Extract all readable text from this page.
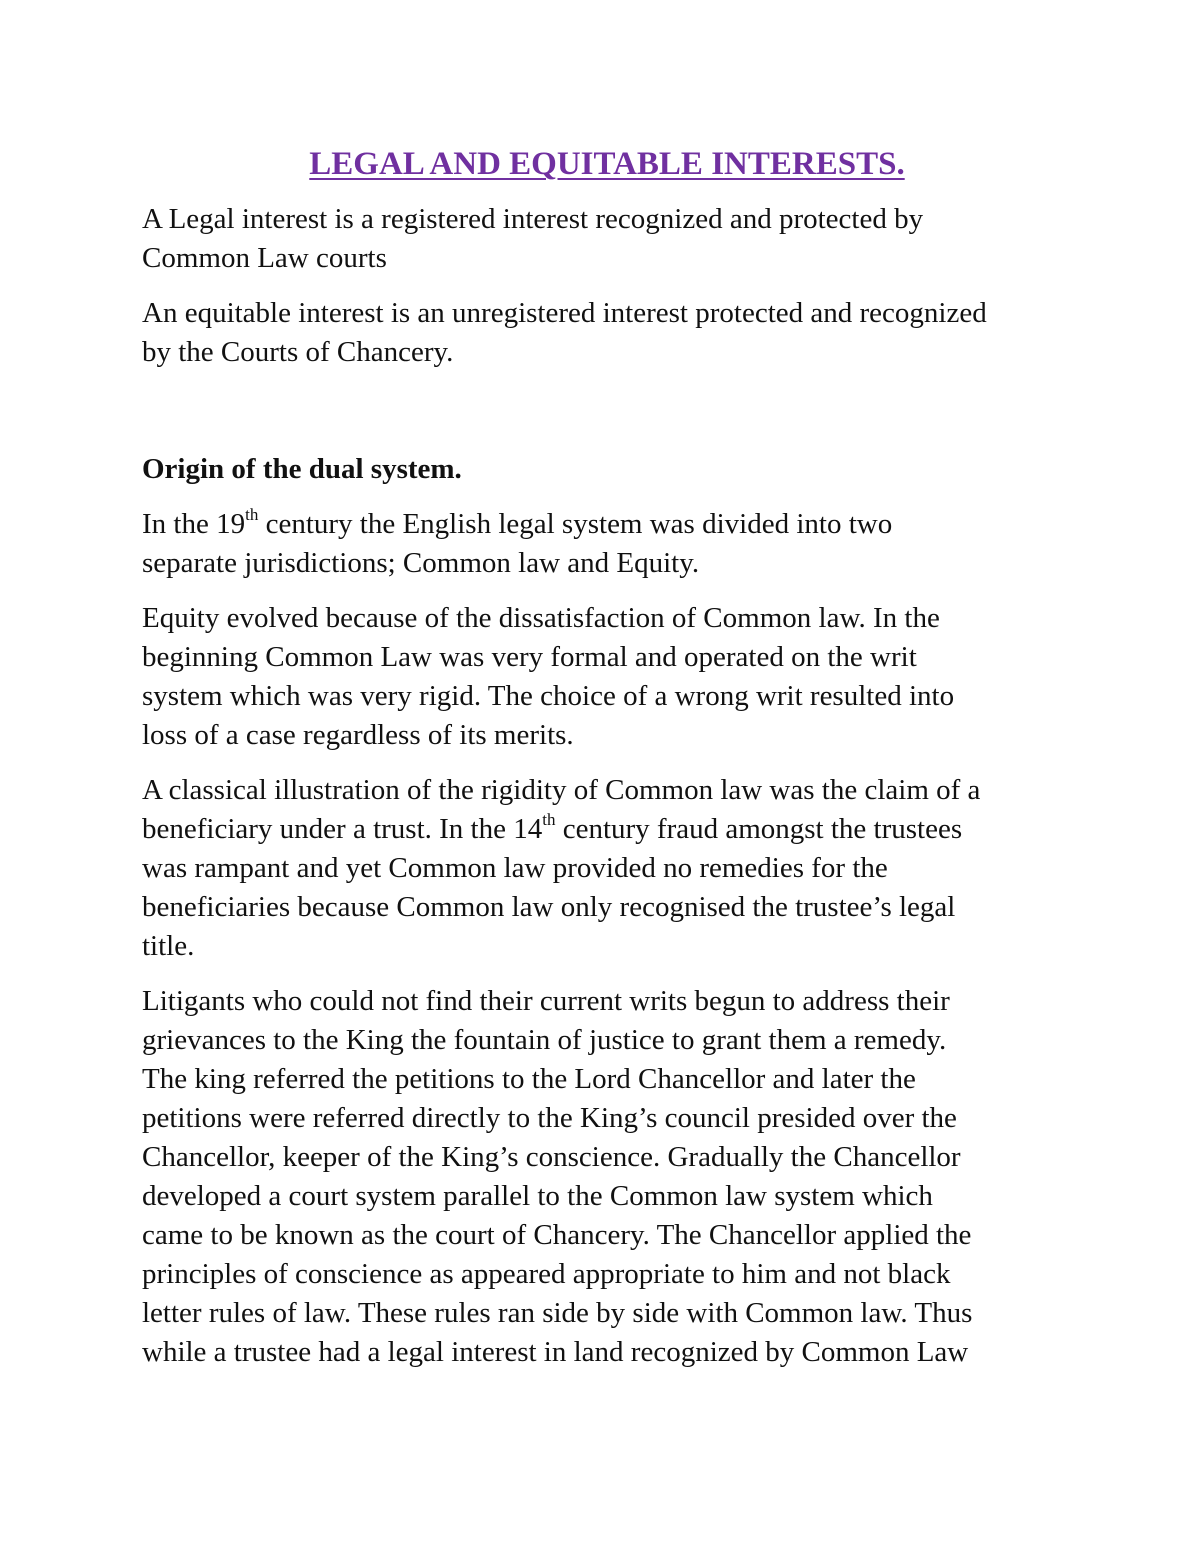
LEGAL AND EQUITABLE INTERESTS.

A Legal interest is a registered interest recognized and protected by
Common Law courts

An equitable interest is an unregistered interest protected and recognized
by the Courts of Chancery.

Origin of the dual system.

In the 19th century the English legal system was divided into two
separate jurisdictions; Common law and Equity.

Equity evolved because of the dissatisfaction of Common law. In the
beginning Common Law was very formal and operated on the writ
system which was very rigid. The choice of a wrong writ resulted into
loss of a case regardless of its merits.

A classical illustration of the rigidity of Common law was the claim of a
beneficiary under a trust. In the 14th century fraud amongst the trustees
was rampant and yet Common law provided no remedies for the
beneficiaries because Common law only recognised the trustee’s legal
title.

Litigants who could not find their current writs begun to address their
grievances to the King the fountain of justice to grant them a remedy.
The king referred the petitions to the Lord Chancellor and later the
petitions were referred directly to the King’s council presided over the
Chancellor, keeper of the King’s conscience. Gradually the Chancellor
developed a court system parallel to the Common law system which
came to be known as the court of Chancery. The Chancellor applied the
principles of conscience as appeared appropriate to him and not black
letter rules of law. These rules ran side by side with Common law. Thus
while a trustee had a legal interest in land recognized by Common Law
